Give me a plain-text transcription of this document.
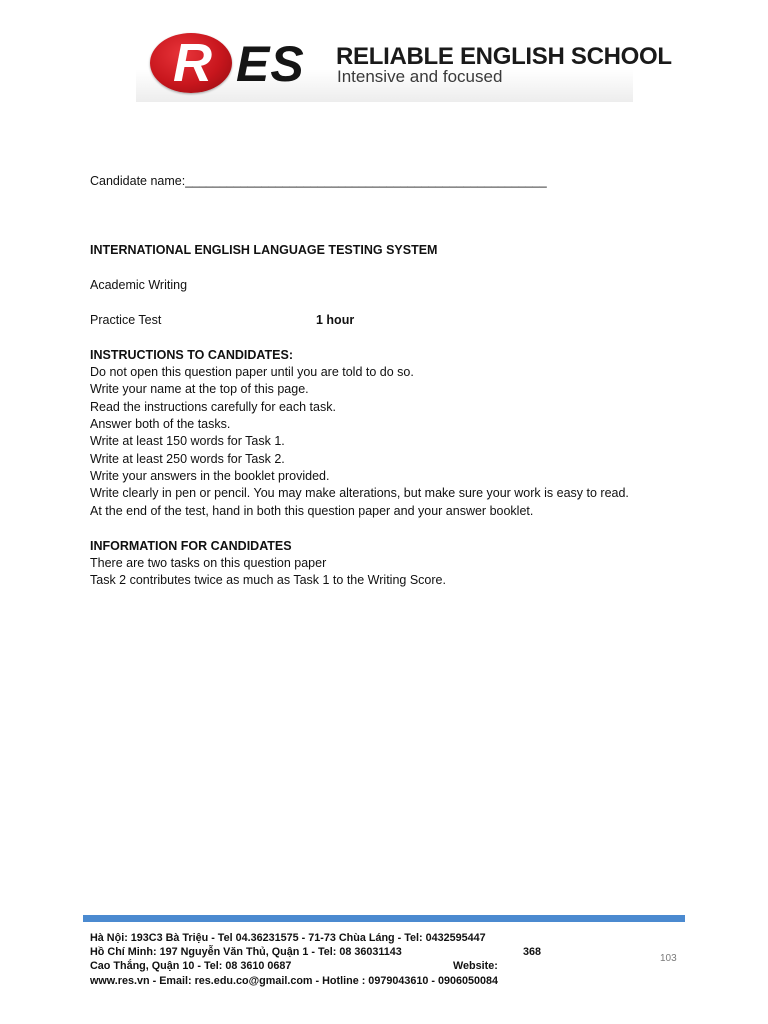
R ES RELIABLE ENGLISH SCHOOL
Intensive and focused
Candidate name:____________________________________________________
INTERNATIONAL ENGLISH LANGUAGE TESTING SYSTEM
Academic Writing
Practice Test	1 hour
INSTRUCTIONS TO CANDIDATES:
Do not open this question paper until you are told to do so.
Write your name at the top of this page.
Read the instructions carefully for each task.
Answer both of the tasks.
Write at least 150 words for Task 1.
Write at least 250 words for Task 2.
Write your answers in the booklet provided.
Write clearly in pen or pencil. You may make alterations, but make sure your work is easy to read.
At the end of the test, hand in both this question paper and your answer booklet.
INFORMATION FOR CANDIDATES
There are two tasks on this question paper
Task 2 contributes twice as much as Task 1 to the Writing Score.
Hà Nội: 193C3 Bà Triệu - Tel 04.36231575 - 71-73 Chùa Láng - Tel: 0432595447
Hồ Chí Minh: 197 Nguyễn Văn Thủ, Quận 1 - Tel: 08 36031143	368
Cao Thắng, Quận 10 - Tel: 08 3610 0687	Website:
www.res.vn - Email: res.edu.co@gmail.com - Hotline : 0979043610 - 0906050084
103
